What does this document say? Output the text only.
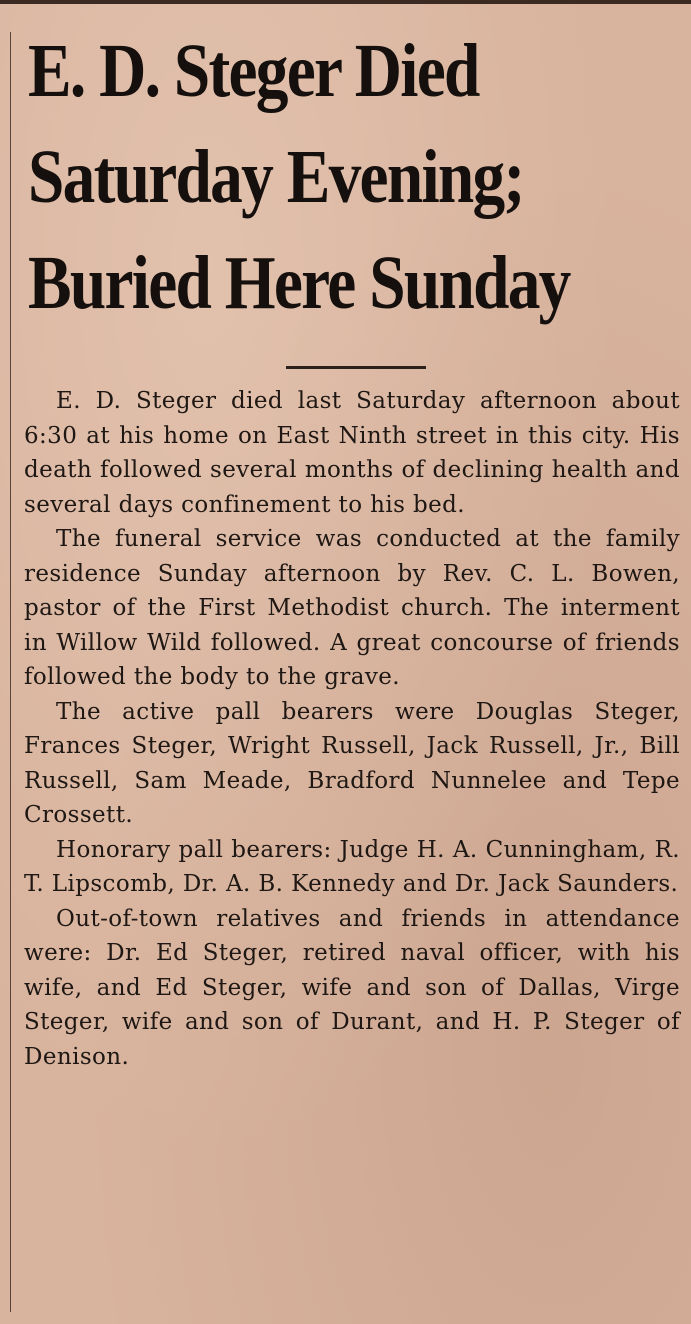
E. D. Steger Died
Saturday Evening;
Buried Here Sunday

E. D. Steger died last Saturday afternoon about 6:30 at his home on East Ninth street in this city. His death followed several months of declining health and several days confinement to his bed.

The funeral service was conducted at the family residence Sunday afternoon by Rev. C. L. Bowen, pastor of the First Methodist church. The interment in Willow Wild followed. A great concourse of friends followed the body to the grave.

The active pall bearers were Douglas Steger, Frances Steger, Wright Russell, Jack Russell, Jr., Bill Russell, Sam Meade, Bradford Nunnelee and Tepe Crossett.

Honorary pall bearers: Judge H. A. Cunningham, R. T. Lipscomb, Dr. A. B. Kennedy and Dr. Jack Saunders.

Out-of-town relatives and friends in attendance were: Dr. Ed Steger, retired naval officer, with his wife, and Ed Steger, wife and son of Dallas, Virge Steger, wife and son of Durant, and H. P. Steger of Denison.
